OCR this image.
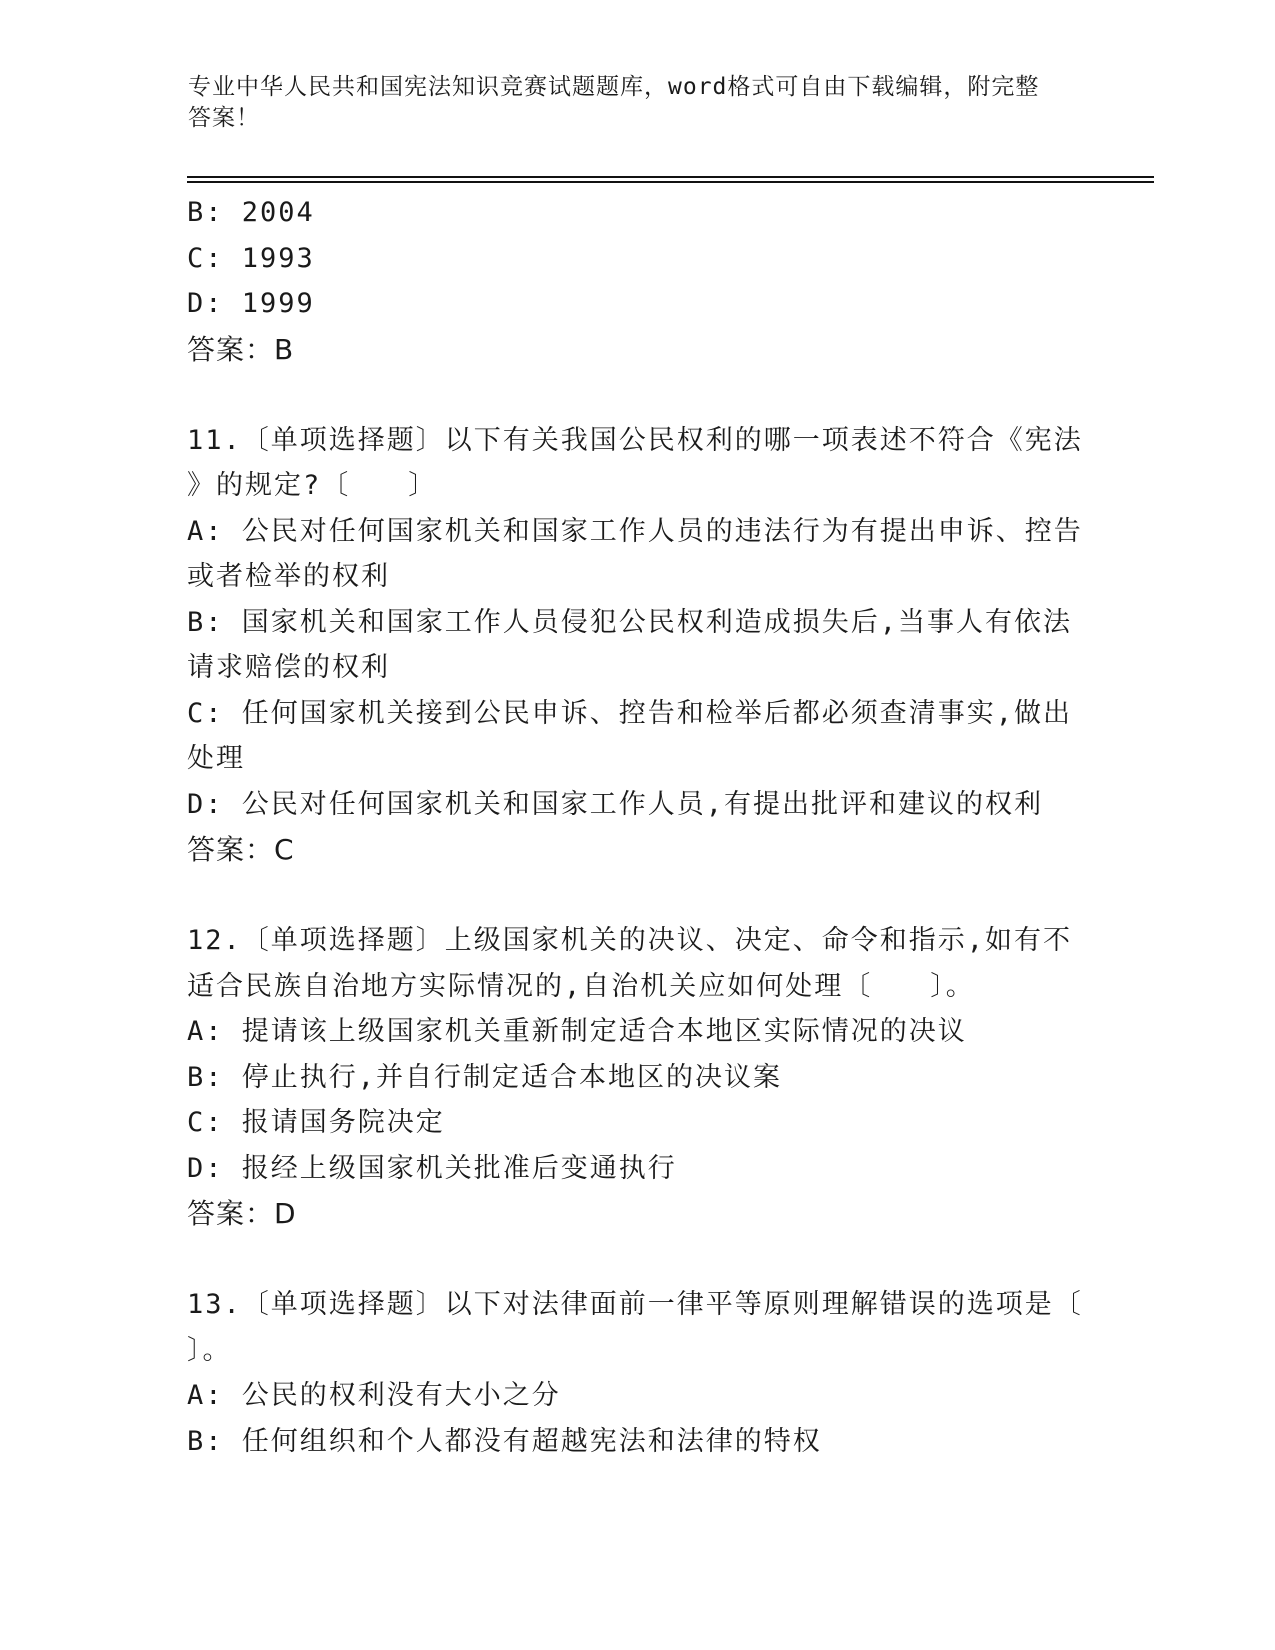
专业中华人民共和国宪法知识竞赛试题题库，word格式可自由下载编辑，附完整
答案！
B: 2004
C: 1993
D: 1999
答案：B
11.〔单项选择题〕以下有关我国公民权利的哪一项表述不符合《宪法
》的规定?〔　　〕
A: 公民对任何国家机关和国家工作人员的违法行为有提出申诉、控告
或者检举的权利
B: 国家机关和国家工作人员侵犯公民权利造成损失后,当事人有依法
请求赔偿的权利
C: 任何国家机关接到公民申诉、控告和检举后都必须查清事实,做出
处理
D: 公民对任何国家机关和国家工作人员,有提出批评和建议的权利
答案：C
12.〔单项选择题〕上级国家机关的决议、决定、命令和指示,如有不
适合民族自治地方实际情况的,自治机关应如何处理〔　　〕。
A: 提请该上级国家机关重新制定适合本地区实际情况的决议
B: 停止执行,并自行制定适合本地区的决议案
C: 报请国务院决定
D: 报经上级国家机关批准后变通执行
答案：D
13.〔单项选择题〕以下对法律面前一律平等原则理解错误的选项是〔
〕。
A: 公民的权利没有大小之分
B: 任何组织和个人都没有超越宪法和法律的特权
